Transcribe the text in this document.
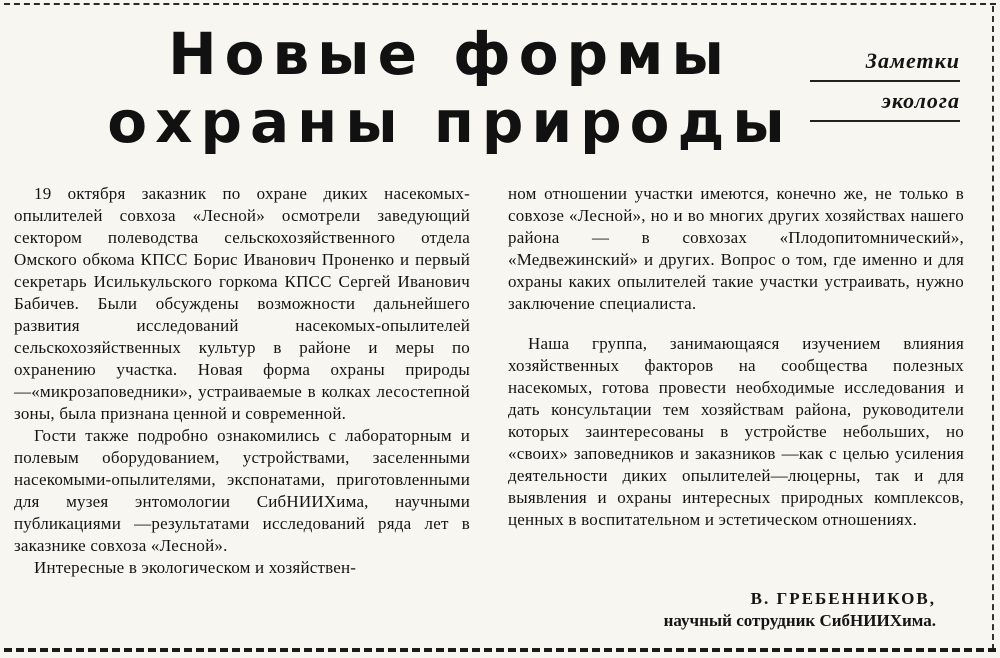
Новые формы
охраны природы
Заметки
эколога

19 октября заказник по охране диких насекомых-опылителей совхоза «Лесной» осмотрели заведующий сектором полеводства сельскохозяйственного отдела Омского обкома КПСС Борис Иванович Проненко и первый секретарь Исилькульского горкома КПСС Сергей Иванович Бабичев. Были обсуждены возможности дальнейшего развития исследований насекомых-опылителей сельскохозяйственных культур в районе и меры по охранению участка. Новая форма охраны природы —«микрозаповедники», устраиваемые в колках лесостепной зоны, была признана ценной и современной.

Гости также подробно ознакомились с лабораторным и полевым оборудованием, устройствами, заселенными насекомыми-опылителями, экспонатами, приготовленными для музея энтомологии СибНИИХима, научными публикациями —результатами исследований ряда лет в заказнике совхоза «Лесной».

Интересные в экологическом и хозяйствен-

ном отношении участки имеются, конечно же, не только в совхозе «Лесной», но и во многих других хозяйствах нашего района — в совхозах «Плодопитомнический», «Медвежинский» и других. Вопрос о том, где именно и для охраны каких опылителей такие участки устраивать, нужно заключение специалиста.

Наша группа, занимающаяся изучением влияния хозяйственных факторов на сообщества полезных насекомых, готова провести необходимые исследования и дать консультации тем хозяйствам района, руководители которых заинтересованы в устройстве небольших, но «своих» заповедников и заказников —как с целью усиления деятельности диких опылителей—люцерны, так и для выявления и охраны интересных природных комплексов, ценных в воспитательном и эстетическом отношениях.

В. ГРЕБЕННИКОВ,
научный сотрудник СибНИИХима.
